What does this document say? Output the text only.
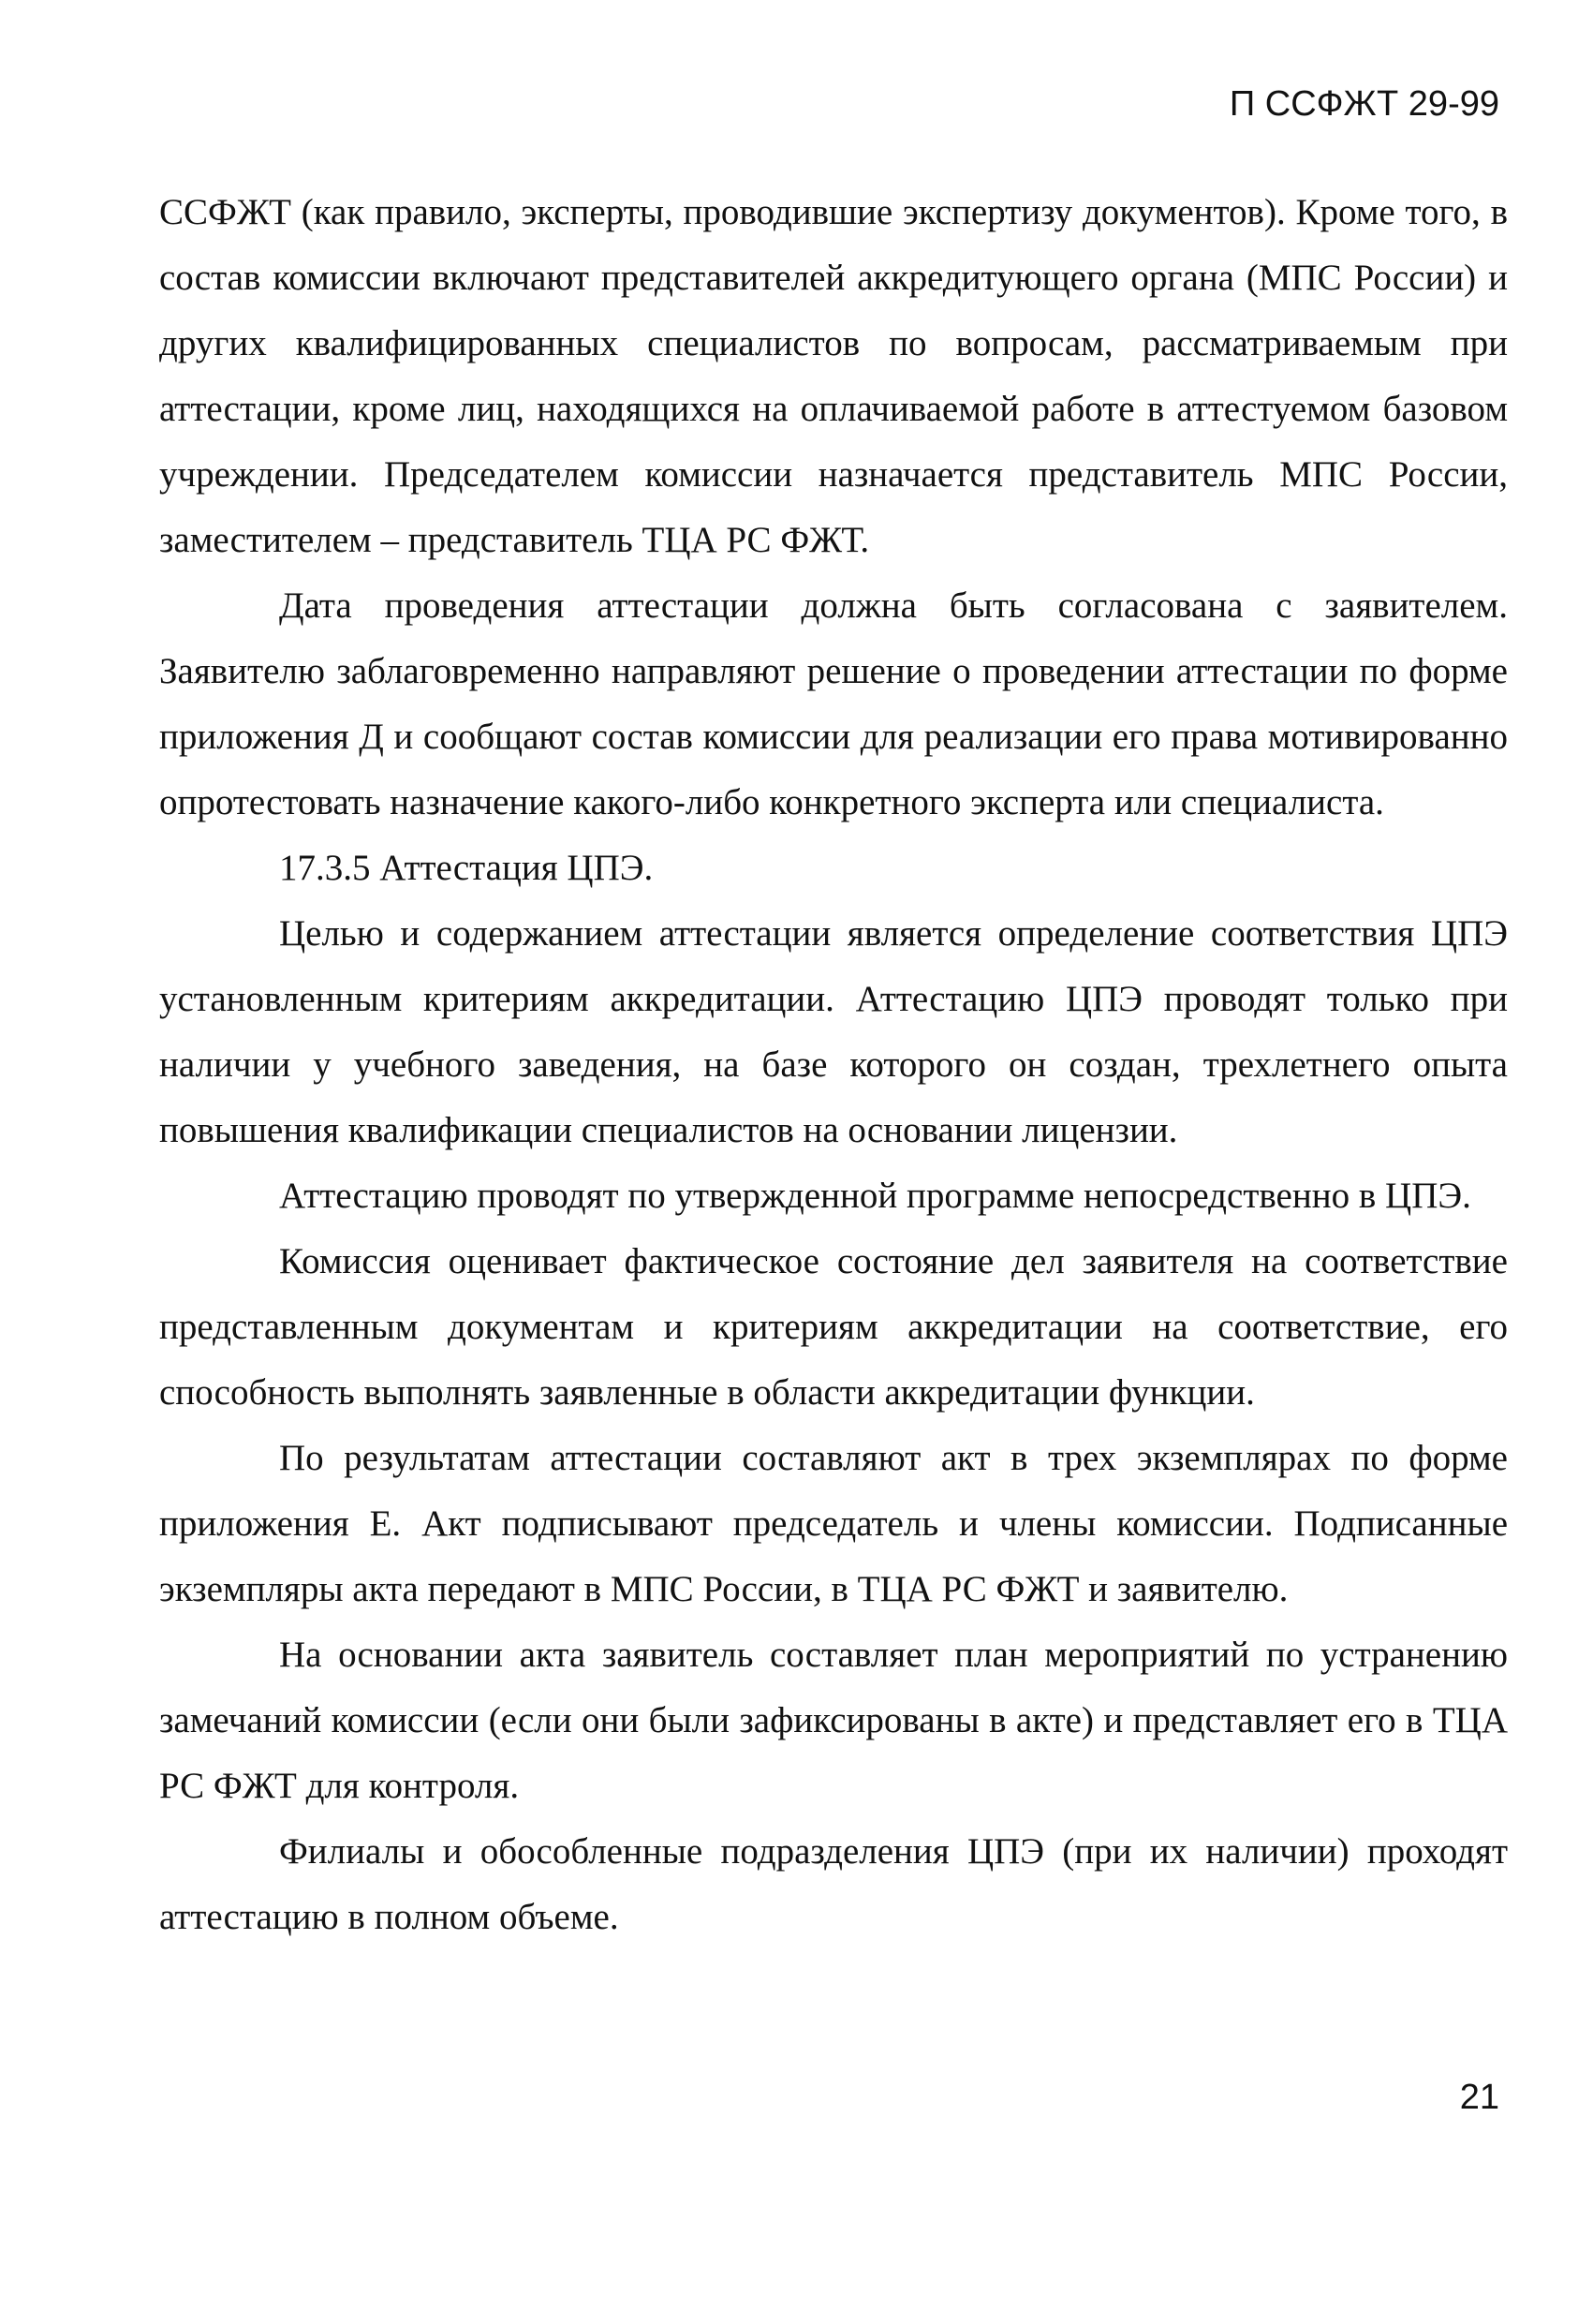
П ССФЖТ 29-99

ССФЖТ (как правило, эксперты, проводившие экспертизу документов). Кроме того, в состав комиссии включают представителей аккредитующего органа (МПС России) и других квалифицированных специалистов по вопросам, рассматриваемым при аттестации, кроме лиц, находящихся на оплачиваемой работе в аттестуемом базовом учреждении. Председателем комиссии назначается представитель МПС России, заместителем – представитель ТЦА РС ФЖТ.

Дата проведения аттестации должна быть согласована с заявителем. Заявителю заблаговременно направляют решение о проведении аттестации по форме приложения Д и сообщают состав комиссии для реализации его права мотивированно опротестовать назначение какого-либо конкретного эксперта или специалиста.

17.3.5 Аттестация ЦПЭ.

Целью и содержанием аттестации является определение соответствия ЦПЭ установленным критериям аккредитации. Аттестацию ЦПЭ проводят только при наличии у учебного заведения, на базе которого он создан, трехлетнего опыта повышения квалификации специалистов на основании лицензии.

Аттестацию проводят по утвержденной программе непосредственно в ЦПЭ.

Комиссия оценивает фактическое состояние дел заявителя на соответствие представленным документам и критериям аккредитации на соответствие, его способность выполнять заявленные в области аккредитации функции.

По результатам аттестации составляют акт в трех экземплярах по форме приложения Е. Акт подписывают председатель и члены комиссии. Подписанные экземпляры акта передают в МПС России, в ТЦА РС ФЖТ и заявителю.

На основании акта заявитель составляет план мероприятий по устранению замечаний комиссии (если они были зафиксированы в акте) и представляет его в ТЦА РС ФЖТ для контроля.

Филиалы и обособленные подразделения ЦПЭ (при их наличии) проходят аттестацию в полном объеме.

21
